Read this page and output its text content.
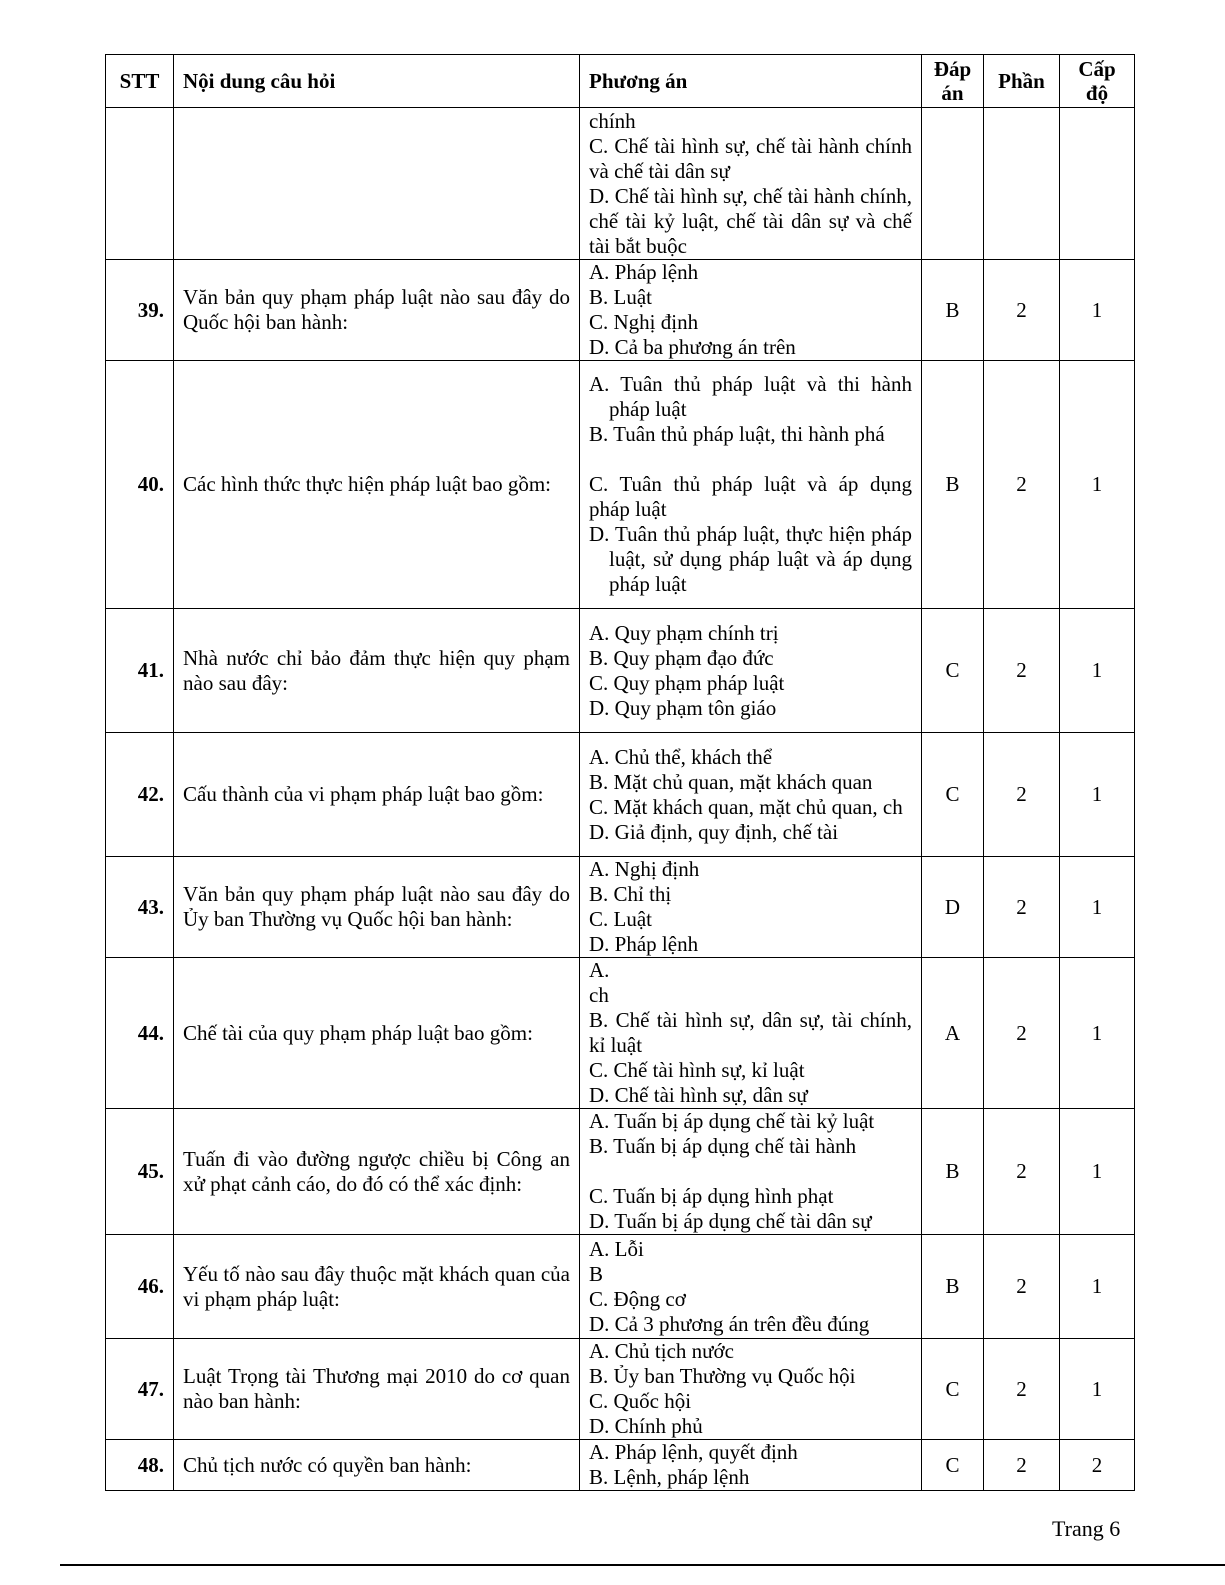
STT	Nội dung câu hỏi	Phương án	Đáp án	Phần	Cấp độ

		chính
C. Chế tài hình sự, chế tài hành chính và chế tài dân sự
D. Chế tài hình sự, chế tài hành chính, chế tài kỷ luật, chế tài dân sự và chế tài bắt buộc			

39.	Văn bản quy phạm pháp luật nào sau đây do Quốc hội ban hành:	A. Pháp lệnh
B. Luật
C. Nghị định
D. Cả ba phương án trên	B	2	1
40.	Các hình thức thực hiện pháp luật bao gồm:	A. Tuân thủ pháp luật và thi hành pháp luật
B. Tuân thủ pháp luật, thi hành phá
C. Tuân thủ pháp luật và áp dụng pháp luật
D. Tuân thủ pháp luật, thực hiện pháp luật, sử dụng pháp luật và áp dụng pháp luật	B	2	1
41.	Nhà nước chỉ bảo đảm thực hiện quy phạm nào sau đây:	A. Quy phạm chính trị
B. Quy phạm đạo đức
C. Quy phạm pháp luật
D. Quy phạm tôn giáo	C	2	1
42.	Cấu thành của vi phạm pháp luật bao gồm:	A. Chủ thể, khách thể
B. Mặt chủ quan, mặt khách quan
C. Mặt khách quan, mặt chủ quan, ch
D. Giả định, quy định, chế tài	C	2	1
43.	Văn bản quy phạm pháp luật nào sau đây do Ủy ban Thường vụ Quốc hội ban hành:	A. Nghị định
B. Chỉ thị
C. Luật
D. Pháp lệnh	D	2	1
44.	Chế tài của quy phạm pháp luật bao gồm:	A.
ch
B. Chế tài hình sự, dân sự, tài chính, kỉ luật
C. Chế tài hình sự, kỉ luật
D. Chế tài hình sự, dân sự	A	2	1
45.	Tuấn đi vào đường ngược chiều bị Công an xử phạt cảnh cáo, do đó có thể xác định:	A. Tuấn bị áp dụng chế tài kỷ luật
B. Tuấn bị áp dụng chế tài hành
C. Tuấn bị áp dụng hình phạt
D. Tuấn bị áp dụng chế tài dân sự	B	2	1
46.	Yếu tố nào sau đây thuộc mặt khách quan của vi phạm pháp luật:	A. Lỗi
B
C. Động cơ
D. Cả 3 phương án trên đều đúng	B	2	1
47.	Luật Trọng tài Thương mại 2010 do cơ quan nào ban hành:	A. Chủ tịch nước
B. Ủy ban Thường vụ Quốc hội
C. Quốc hội
D. Chính phủ	C	2	1
48.	Chủ tịch nước có quyền ban hành:	A. Pháp lệnh, quyết định
B. Lệnh, pháp lệnh	C	2	2
Trang 6
